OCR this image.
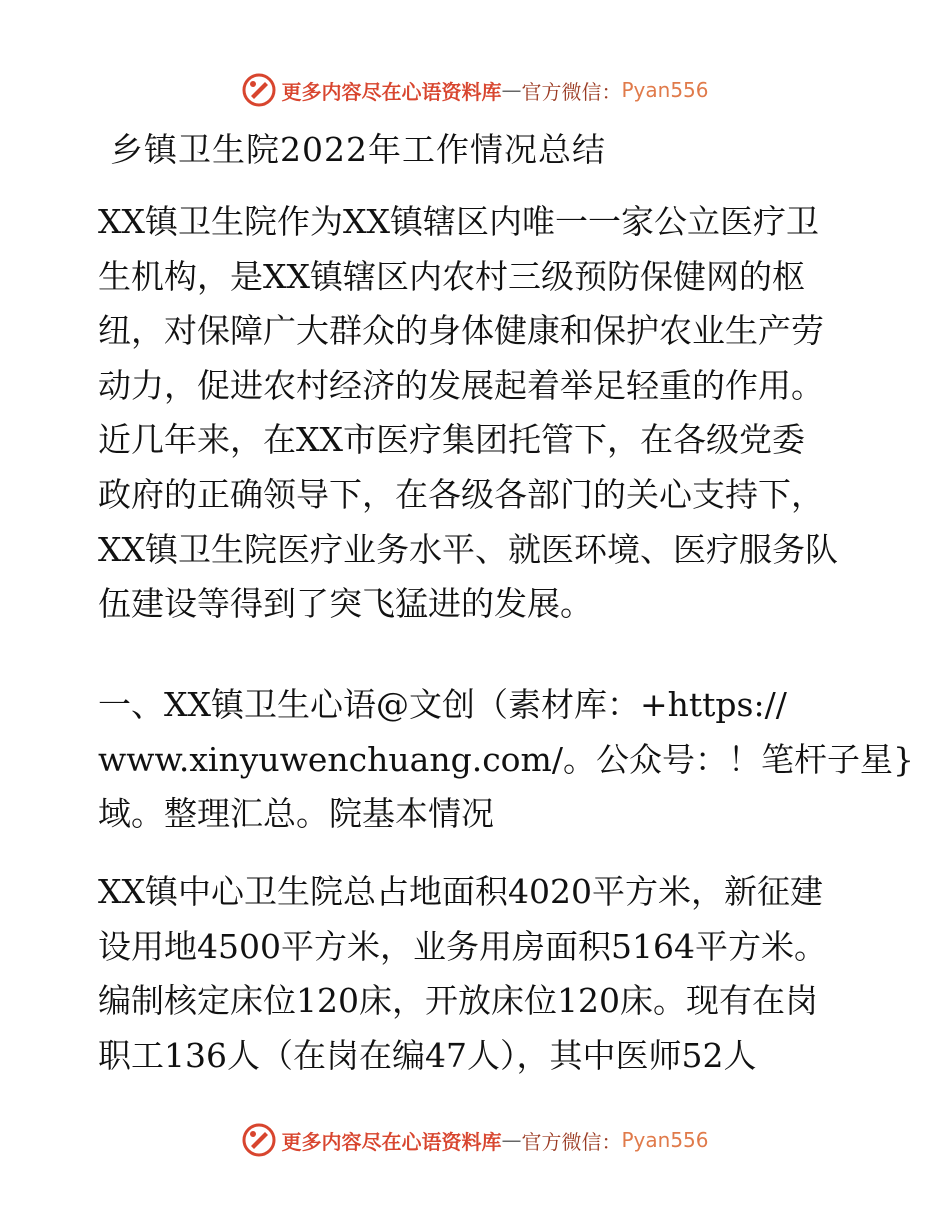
更多内容尽在心语资料库 — 官方微信： Pyan556
乡镇卫生院2022年工作情况总结
XX镇卫生院作为XX镇辖区内唯一一家公立医疗卫
生机构，是XX镇辖区内农村三级预防保健网的枢
纽，对保障广大群众的身体健康和保护农业生产劳
动力，促进农村经济的发展起着举足轻重的作用。
近几年来，在XX市医疗集团托管下，在各级党委
政府的正确领导下，在各级各部门的关心支持下，
XX镇卫生院医疗业务水平、就医环境、医疗服务队
伍建设等得到了突飞猛进的发展。
一、XX镇卫生心语@文创（素材库：+https://
www.xinyuwenchuang.com/。公众号：！笔杆子星}
域。整理汇总。院基本情况
XX镇中心卫生院总占地面积4020平方米，新征建
设用地4500平方米，业务用房面积5164平方米。
编制核定床位120床，开放床位120床。现有在岗
职工136人（在岗在编47人），其中医师52人
更多内容尽在心语资料库 — 官方微信： Pyan556
